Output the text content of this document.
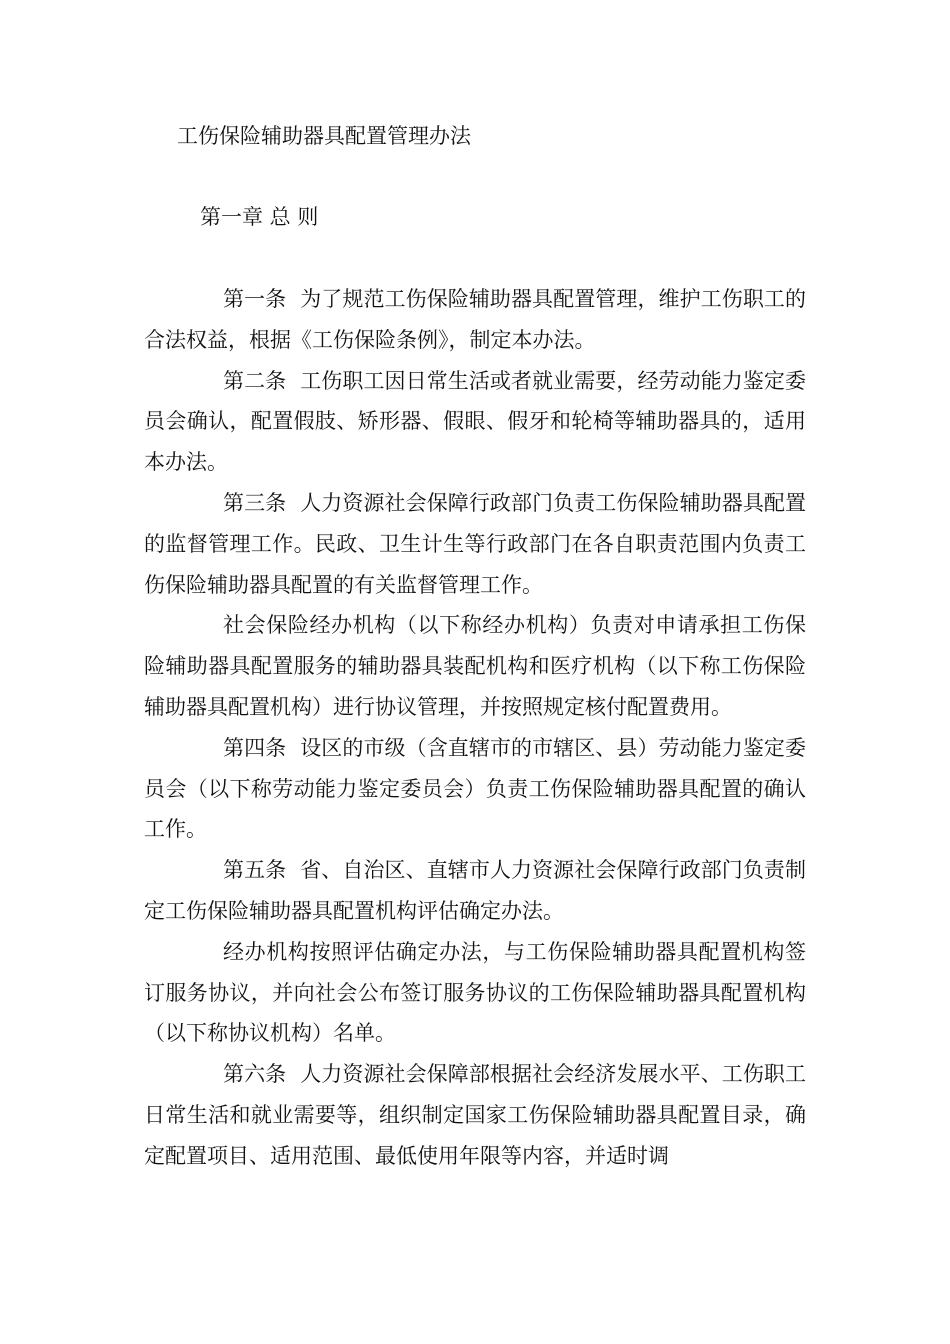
工伤保险辅助器具配置管理办法
第一章 总 则

第一条 为了规范工伤保险辅助器具配置管理，维护工伤职工的合法权益，根据《工伤保险条例》，制定本办法。

第二条 工伤职工因日常生活或者就业需要，经劳动能力鉴定委员会确认，配置假肢、矫形器、假眼、假牙和轮椅等辅助器具的，适用本办法。

第三条 人力资源社会保障行政部门负责工伤保险辅助器具配置的监督管理工作。民政、卫生计生等行政部门在各自职责范围内负责工伤保险辅助器具配置的有关监督管理工作。

社会保险经办机构（以下称经办机构）负责对申请承担工伤保险辅助器具配置服务的辅助器具装配机构和医疗机构（以下称工伤保险辅助器具配置机构）进行协议管理，并按照规定核付配置费用。

第四条 设区的市级（含直辖市的市辖区、县）劳动能力鉴定委员会（以下称劳动能力鉴定委员会）负责工伤保险辅助器具配置的确认工作。

第五条 省、自治区、直辖市人力资源社会保障行政部门负责制定工伤保险辅助器具配置机构评估确定办法。

经办机构按照评估确定办法，与工伤保险辅助器具配置机构签订服务协议，并向社会公布签订服务协议的工伤保险辅助器具配置机构（以下称协议机构）名单。

第六条 人力资源社会保障部根据社会经济发展水平、工伤职工日常生活和就业需要等，组织制定国家工伤保险辅助器具配置目录，确定配置项目、适用范围、最低使用年限等内容，并适时调
